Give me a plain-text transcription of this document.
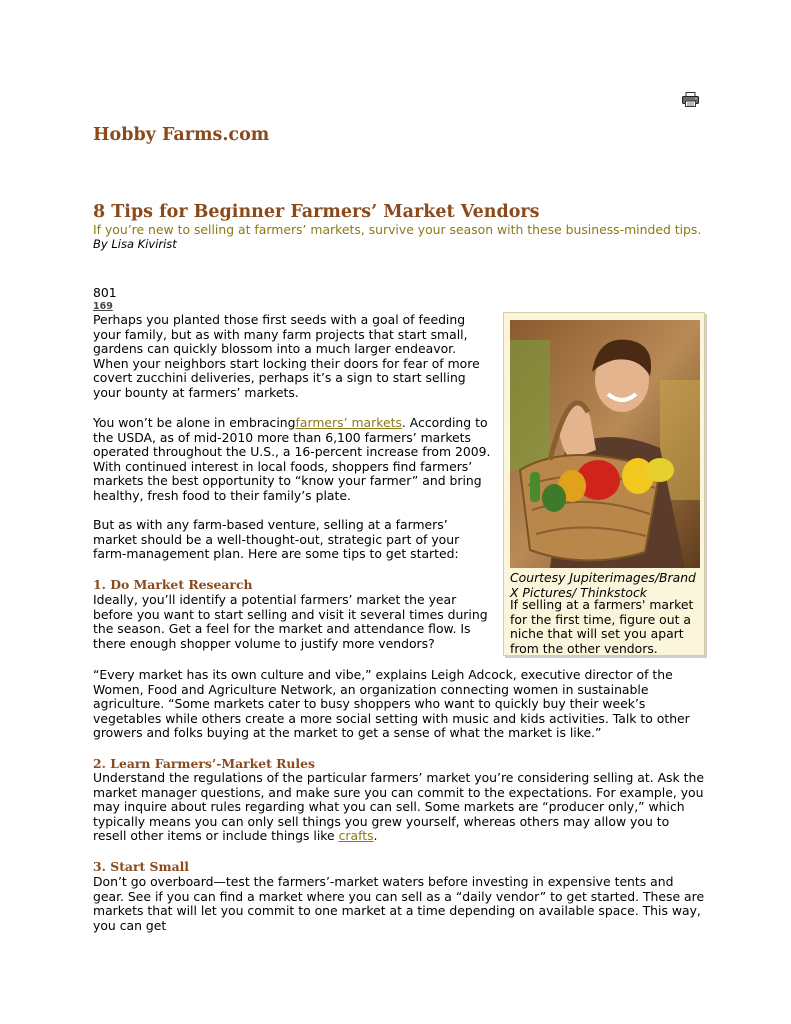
Hobby Farms.com
8 Tips for Beginner Farmers’ Market Vendors
If you’re new to selling at farmers’ markets, survive your season with these business-minded tips.
By Lisa Kivirist
801
169

Perhaps you planted those first seeds with a goal of feeding your family, but as with many farm projects that start small, gardens can quickly blossom into a much larger endeavor. When your neighbors start locking their doors for fear of more covert zucchini deliveries, perhaps it’s a sign to start selling your bounty at farmers’ markets.

You won’t be alone in embracingfarmers’ markets. According to the USDA, as of mid-2010 more than 6,100 farmers’ markets operated throughout the U.S., a 16-percent increase from 2009. With continued interest in local foods, shoppers find farmers’ markets the best opportunity to “know your farmer” and bring healthy, fresh food to their family’s plate.

But as with any farm-based venture, selling at a farmers’ market should be a well-thought-out, strategic part of your farm-management plan. Here are some tips to get started:

1. Do Market Research

Ideally, you’ll identify a potential farmers’ market the year before you want to start selling and visit it several times during the season. Get a feel for the market and attendance flow. Is there enough shopper volume to justify more vendors?

“Every market has its own culture and vibe,” explains Leigh Adcock, executive director of the Women, Food and Agriculture Network, an organization connecting women in sustainable agriculture. “Some markets cater to busy shoppers who want to quickly buy their week’s vegetables while others create a more social setting with music and kids activities. Talk to other growers and folks buying at the market to get a sense of what the market is like.”

2. Learn Farmers’-Market Rules

Understand the regulations of the particular farmers’ market you’re considering selling at. Ask the market manager questions, and make sure you can commit to the expectations. For example, you may inquire about rules regarding what you can sell. Some markets are “producer only,” which typically means you can only sell things you grew yourself, whereas others may allow you to resell other items or include things like crafts.

3. Start Small

Don’t go overboard—test the farmers’-market waters before investing in expensive tents and gear. See if you can find a market where you can sell as a “daily vendor” to get started. These are markets that will let you commit to one market at a time depending on available space. This way, you can get

Courtesy Jupiterimages/Brand X Pictures/ Thinkstock
If selling at a farmers' market for the first time, figure out a niche that will set you apart from the other vendors.
